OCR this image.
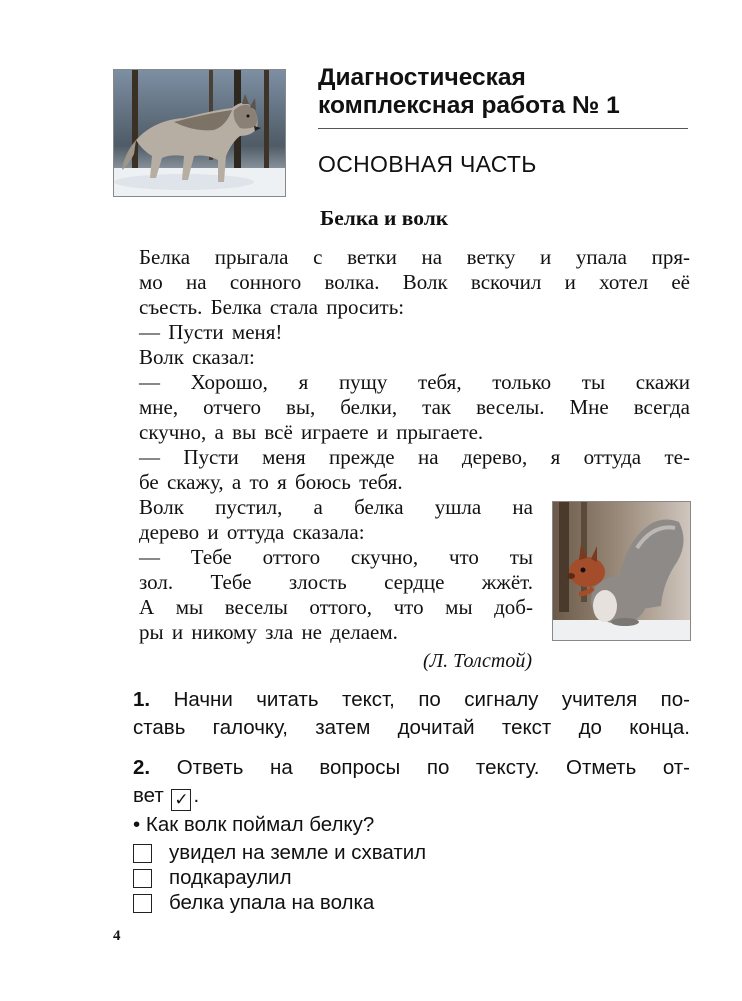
Диагностическая
комплексная работа № 1
ОСНОВНАЯ ЧАСТЬ
Белка и волк
Белка прыгала с ветки на ветку и упала пря-
мо на сонного волка. Волк вскочил и хотел её
съесть. Белка стала просить:
— Пусти меня!
Волк сказал:
— Хорошо, я пущу тебя, только ты скажи
мне, отчего вы, белки, так веселы. Мне всегда
скучно, а вы всё играете и прыгаете.
— Пусти меня прежде на дерево, я оттуда те-
бе скажу, а то я боюсь тебя.
Волк пустил, а белка ушла на
дерево и оттуда сказала:
— Тебе оттого скучно, что ты
зол. Тебе злость сердце жжёт.
А мы веселы оттого, что мы доб-
ры и никому зла не делаем.
(Л. Толстой)
1. Начни читать текст, по сигналу учителя по-
ставь галочку, затем дочитай текст до конца.
2. Ответь на вопросы по тексту. Отметь от-
вет ✓ .
• Как волк поймал белку?
увидел на земле и схватил
подкараулил
белка упала на волка
4
